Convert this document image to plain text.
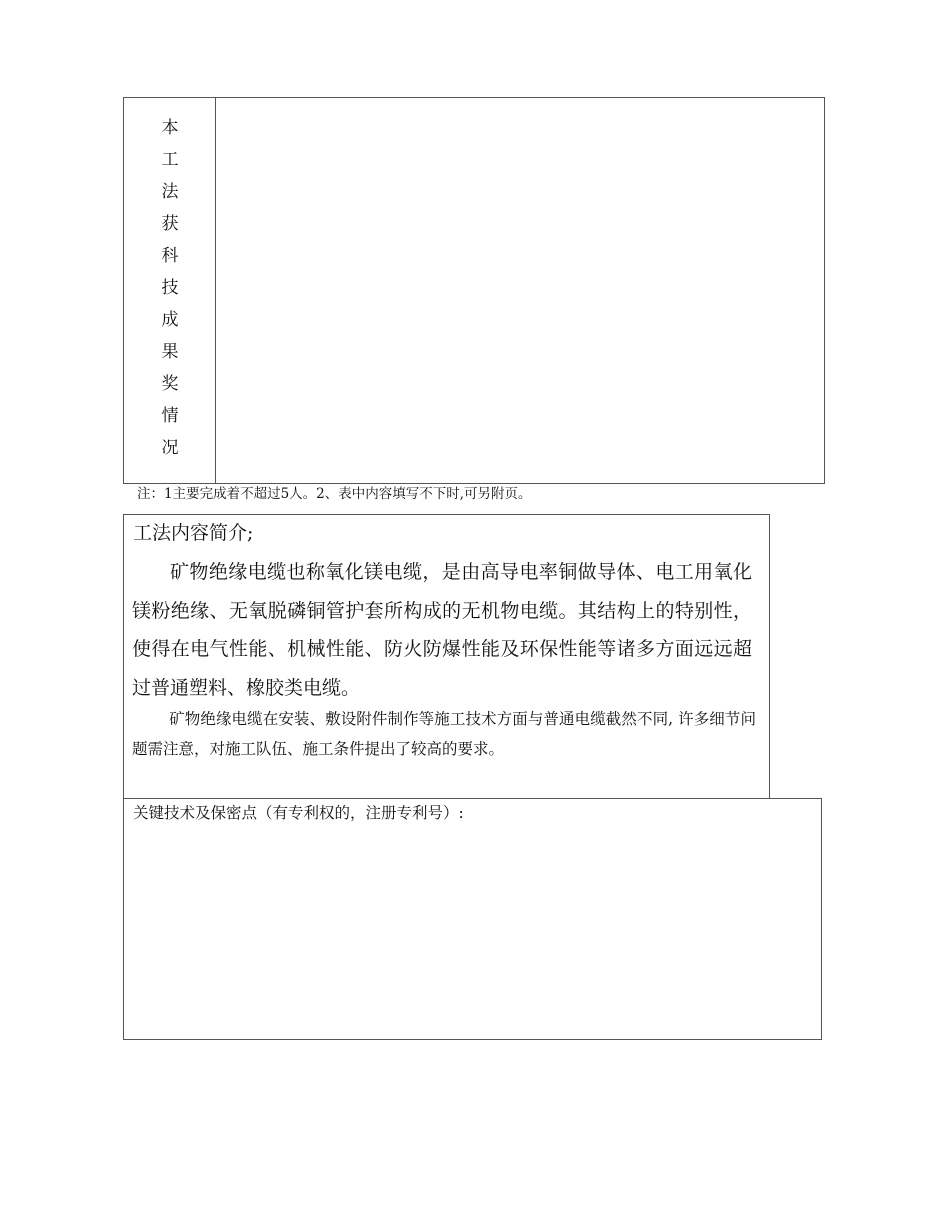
本
工
法
获
科
技
成
果
奖
情
况
注：1主要完成着不超过5人。2、表中内容填写不下时,可另附页。
工法内容简介;

矿物绝缘电缆也称氧化镁电缆，是由高导电率铜做导体、电工用氧化镁粉绝缘、无氧脱磷铜管护套所构成的无机物电缆。其结构上的特别性，使得在电气性能、机械性能、防火防爆性能及环保性能等诸多方面远远超过普通塑料、橡胶类电缆。

矿物绝缘电缆在安装、敷设附件制作等施工技术方面与普通电缆截然不同, 许多细节问题需注意，对施工队伍、施工条件提出了较高的要求。

关键技术及保密点（有专利权的，注册专利号）:
